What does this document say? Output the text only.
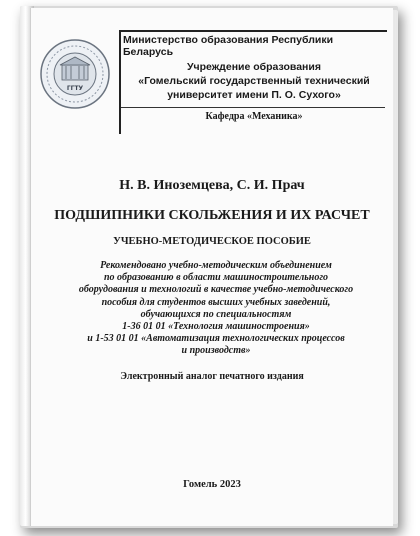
ГГТУ
Министерство образования Республики Беларусь
Учреждение образования
«Гомельский государственный технический
университет имени П. О. Сухого»
Кафедра «Механика»
Н. В. Иноземцева, С. И. Прач
ПОДШИПНИКИ СКОЛЬЖЕНИЯ И ИХ РАСЧЕТ
УЧЕБНО-МЕТОДИЧЕСКОЕ ПОСОБИЕ
Рекомендовано учебно-методическим объединением
по образованию в области машиностроительного
оборудования и технологий в качестве учебно-методического
пособия для студентов высших учебных заведений,
обучающихся по специальностям
1-36 01 01 «Технология машиностроения»
и 1-53 01 01 «Автоматизация технологических процессов
и производств»
Электронный аналог печатного издания
Гомель 2023
